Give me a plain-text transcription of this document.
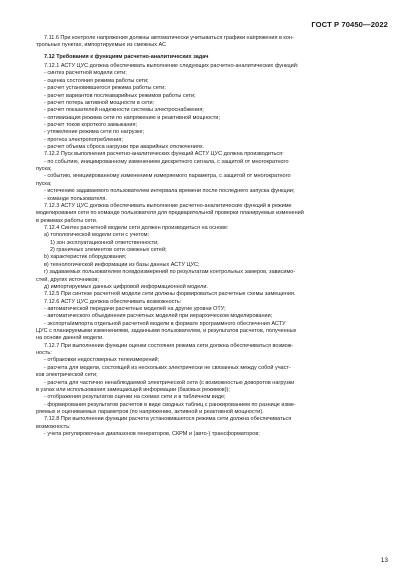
ГОСТ Р 70450—2022
7.11.6 При контроле напряжения должны автоматически учитываться графики напряжения в кон-
трольных пунктах, импортируемые из смежных АС
7.12 Требования к функциям расчетно-аналитических задач
7.12.1 АСТУ ЦУС должна обеспечивать выполнение следующих расчетно-аналитических функций:
- синтез расчетной модели сети;
- оценка состояния режима работы сети;
- расчет установившегося режима работы сети;
- расчет вариантов послеаварийных режимов работы сети;
- расчет потерь активной мощности в сети;
- расчет показателей надежности системы электроснабжения;
- оптимизация режима сети по напряжению и реактивной мощности;
- расчет токов короткого замыкания;
- утяжеление режима сети по нагрузке;
- прогноз электропотребления;
- расчет объема сброса нагрузки при аварийных отключениях.
7.12.2 Пуск выполнения расчетно-аналитических функций АСТУ ЦУС должна производиться:
- по событию, инициированному изменением дискретного сигнала, с защитой от многократного
пуска;
- событию, инициированному изменением измеряемого параметра, с защитой от многократного
пуска;
- истечению задаваемого пользователем интервала времени после последнего запуска функции;
- команде пользователя.
7.12.3 АСТУ ЦУС должна обеспечивать выполнение расчетно-аналитических функций в режиме
моделирования сети по команде пользователя для предварительной проверки планируемых изменений
в режимах работы сети.
7.12.4 Синтез расчетной модели сети должен производиться на основе:
а) топологической модели сети с учетом:
1) зон эксплуатационной ответственности;
2) граничных элементов сети смежных сетей;
b) характеристик оборудования;
в) технологической информации из базы данных АСТУ ЦУС;
г) задаваемых пользователем псевдоизмерений по результатам контрольных замеров, зависимо-
стей, других источников;
д) импортируемых данных цифровой информационной модели.
7.12.5 При синтезе расчетной модели сети должны формироваться расчетные схемы замещения.
7.12.6 АСТУ ЦУС должна обеспечивать возможность:
- автоматической передачи расчетных моделей на другие уровни ОТУ;
- автоматического объединения расчетных моделей при иерархическом моделировании;
- экспорта/импорта отдельной расчетной модели в формате программного обеспечения АСТУ
ЦУС с планируемыми изменениями, заданными пользователем, и результатов расчетов, полученных
на основе данной модели.
7.12.7 При выполнении функции оценки состояния режима сети должна обеспечиваться возмож-
ность:
- отбраковки недостоверных телеизмерений;
- расчета для модели, состоящей из нескольких электрически не связанных между собой участ-
ков электрической сети;
- расчета для частично ненаблюдаемой электрической сети (с возможностью доворотов нагрузки
в узлах или использования замещающей информации (базовых режимов));
- отображения результатов оценки на схемах сети и в табличном виде;
- формирования результатов расчетов в виде сводных таблиц с ранжированием по разнице изме-
ряемых и оцениваемых параметров (по напряжению, активной и реактивной мощности).
7.12.8 При выполнении функции расчета установившегося режима сети должна обеспечиваться
возможность:
- учета регулировочных диапазонов генераторов, СКРМ и (авто-) трансформаторов;
13
